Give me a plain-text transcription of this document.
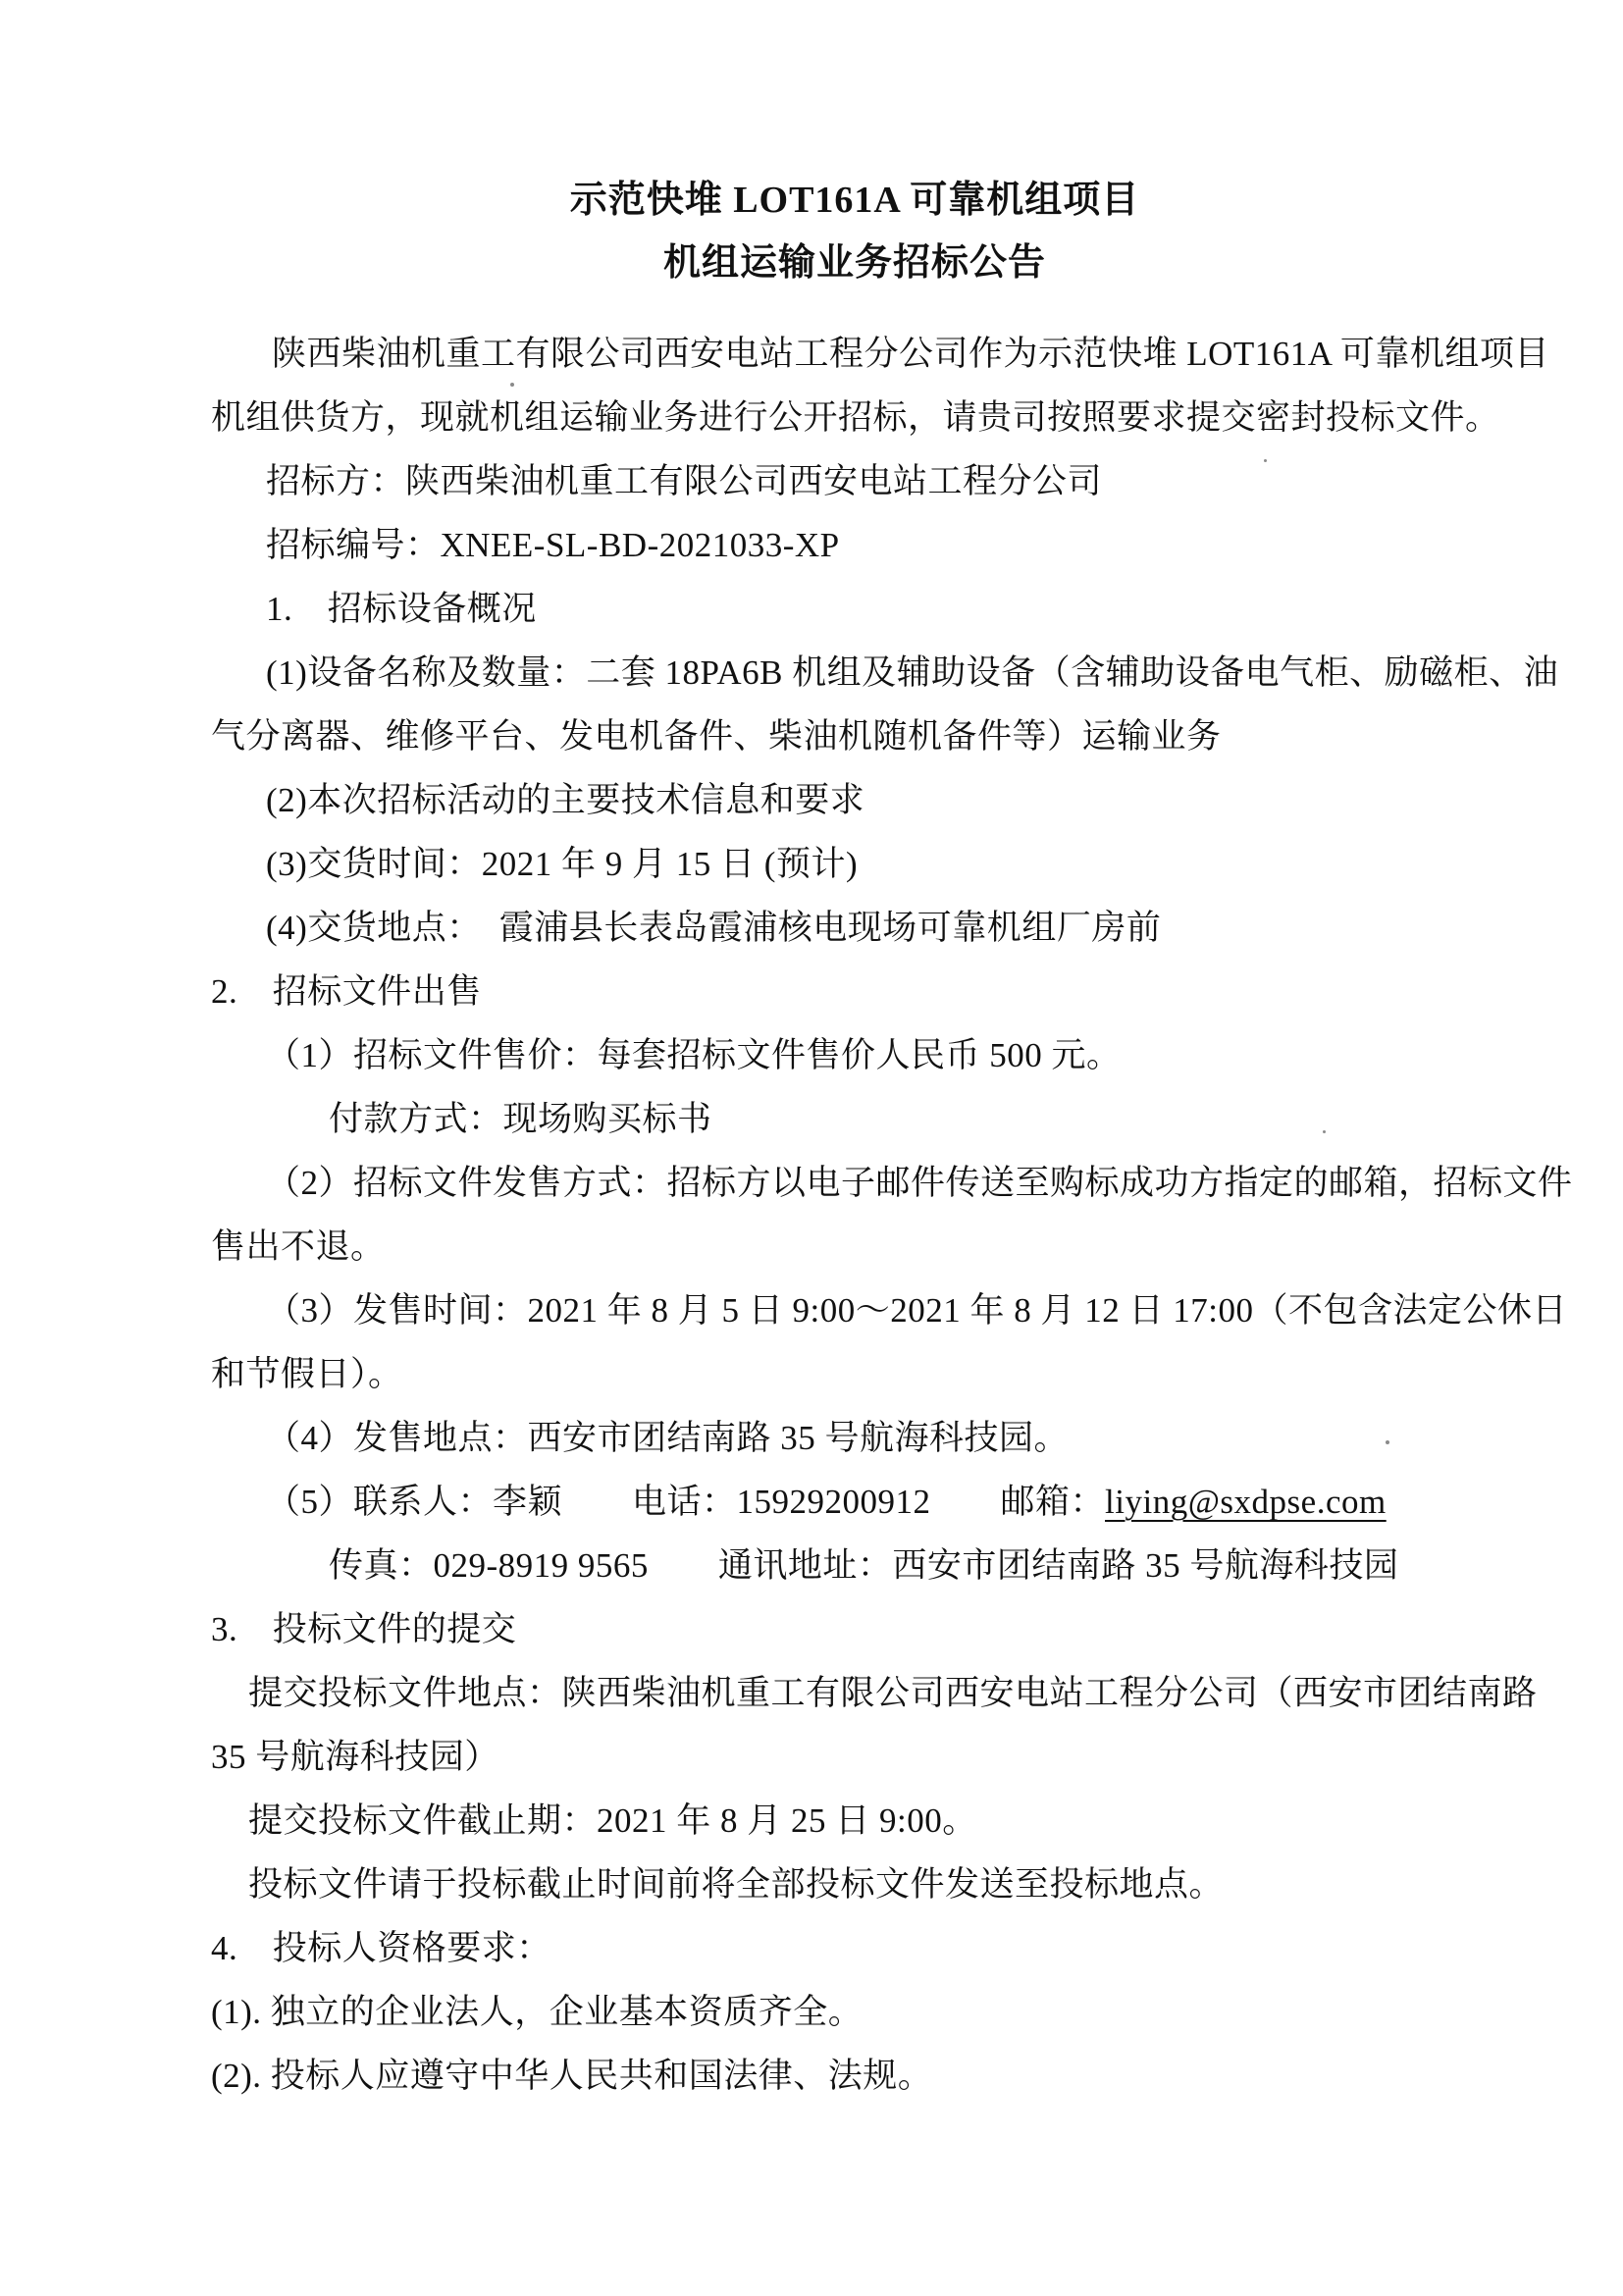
示范快堆 LOT161A 可靠机组项目
机组运输业务招标公告
陕西柴油机重工有限公司西安电站工程分公司作为示范快堆 LOT161A 可靠机组项目
机组供货方，现就机组运输业务进行公开招标，请贵司按照要求提交密封投标文件。
招标方：陕西柴油机重工有限公司西安电站工程分公司
招标编号：XNEE-SL-BD-2021033-XP
1.　招标设备概况
(1)设备名称及数量：二套 18PA6B 机组及辅助设备（含辅助设备电气柜、励磁柜、油
气分离器、维修平台、发电机备件、柴油机随机备件等）运输业务
(2)本次招标活动的主要技术信息和要求
(3)交货时间：2021 年 9 月 15 日 (预计)
(4)交货地点：　霞浦县长表岛霞浦核电现场可靠机组厂房前
2.　招标文件出售
（1）招标文件售价：每套招标文件售价人民币 500 元。
付款方式：现场购买标书
（2）招标文件发售方式：招标方以电子邮件传送至购标成功方指定的邮箱，招标文件
售出不退。
（3）发售时间：2021 年 8 月 5 日 9:00～2021 年 8 月 12 日 17:00（不包含法定公休日
和节假日）。
（4）发售地点：西安市团结南路 35 号航海科技园。
（5）联系人：李颖　　电话：15929200912　　邮箱：liying@sxdpse.com
传真：029-8919 9565　　通讯地址：西安市团结南路 35 号航海科技园
3.　投标文件的提交
提交投标文件地点：陕西柴油机重工有限公司西安电站工程分公司（西安市团结南路
35 号航海科技园）
提交投标文件截止期：2021 年 8 月 25 日 9:00。
投标文件请于投标截止时间前将全部投标文件发送至投标地点。
4.　投标人资格要求：
(1). 独立的企业法人，企业基本资质齐全。
(2). 投标人应遵守中华人民共和国法律、法规。
